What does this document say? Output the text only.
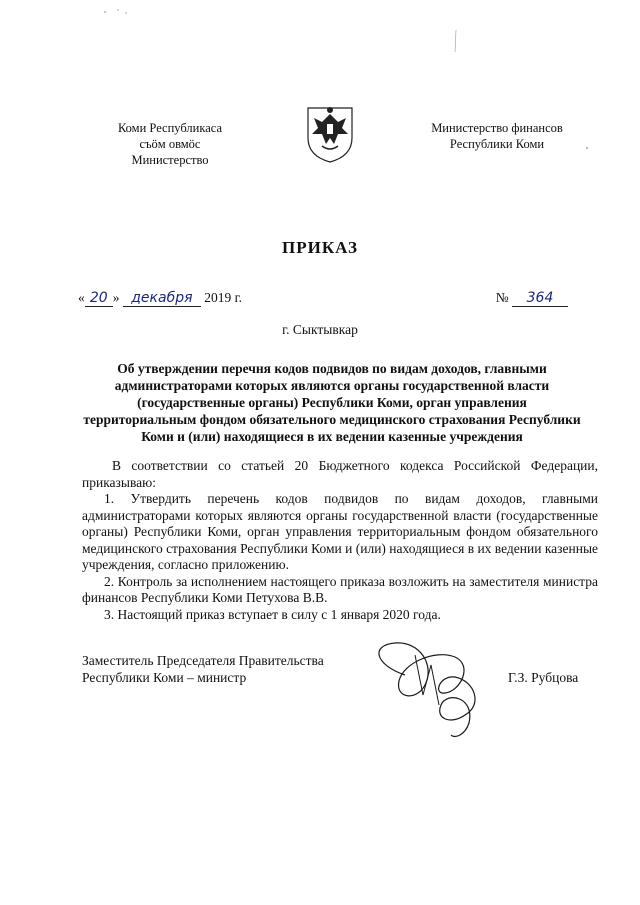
Коми Республикаса
съӧм овмӧс
Министерство
Министерство финансов
Республики Коми
ПРИКАЗ
« 20 » декабря 2019 г.	№ 364
г. Сыктывкар
Об утверждении перечня кодов подвидов по видам доходов, главными администраторами которых являются органы государственной власти (государственные органы) Республики Коми, орган управления территориальным фондом обязательного медицинского страхования Республики Коми и (или) находящиеся в их ведении казенные учреждения

В соответствии со статьей 20 Бюджетного кодекса Российской Федерации, приказываю:

1. Утвердить перечень кодов подвидов по видам доходов, главными администраторами которых являются органы государственной власти (государственные органы) Республики Коми, орган управления территориальным фондом обязательного медицинского страхования Республики Коми и (или) находящиеся в их ведении казенные учреждения, согласно приложению.

2. Контроль за исполнением настоящего приказа возложить на заместителя министра финансов Республики Коми Петухова В.В.

3. Настоящий приказ вступает в силу с 1 января 2020 года.

Заместитель Председателя Правительства
Республики Коми – министр	Г.З. Рубцова
